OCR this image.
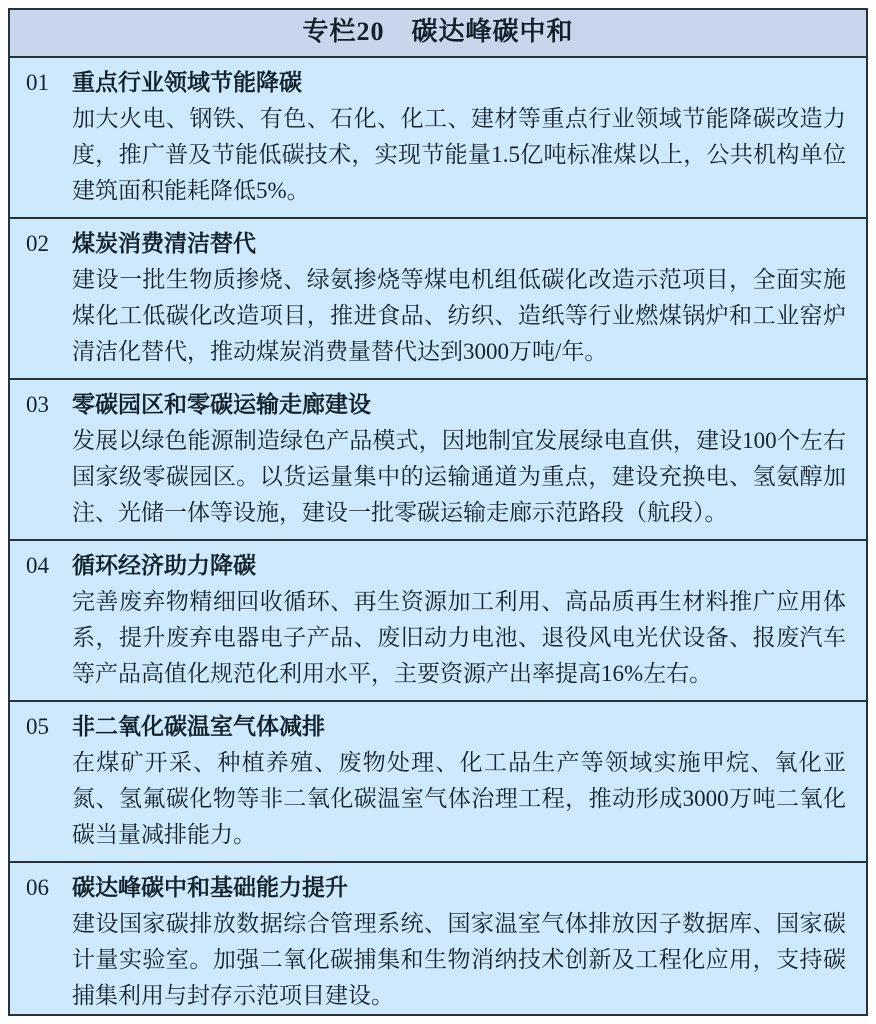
专栏20　碳达峰碳中和
01	重点行业领域节能降碳

加大火电、钢铁、有色、石化、化工、建材等重点行业领域节能降碳改造力度，推广普及节能低碳技术，实现节能量1.5亿吨标准煤以上，公共机构单位建筑面积能耗降低5%。

02	煤炭消费清洁替代

建设一批生物质掺烧、绿氨掺烧等煤电机组低碳化改造示范项目，全面实施煤化工低碳化改造项目，推进食品、纺织、造纸等行业燃煤锅炉和工业窑炉清洁化替代，推动煤炭消费量替代达到3000万吨/年。

03	零碳园区和零碳运输走廊建设

发展以绿色能源制造绿色产品模式，因地制宜发展绿电直供，建设100个左右国家级零碳园区。以货运量集中的运输通道为重点，建设充换电、氢氨醇加注、光储一体等设施，建设一批零碳运输走廊示范路段（航段）。

04	循环经济助力降碳

完善废弃物精细回收循环、再生资源加工利用、高品质再生材料推广应用体系，提升废弃电器电子产品、废旧动力电池、退役风电光伏设备、报废汽车等产品高值化规范化利用水平，主要资源产出率提高16%左右。

05	非二氧化碳温室气体减排

在煤矿开采、种植养殖、废物处理、化工品生产等领域实施甲烷、氧化亚氮、氢氟碳化物等非二氧化碳温室气体治理工程，推动形成3000万吨二氧化碳当量减排能力。

06	碳达峰碳中和基础能力提升

建设国家碳排放数据综合管理系统、国家温室气体排放因子数据库、国家碳计量实验室。加强二氧化碳捕集和生物消纳技术创新及工程化应用，支持碳捕集利用与封存示范项目建设。
